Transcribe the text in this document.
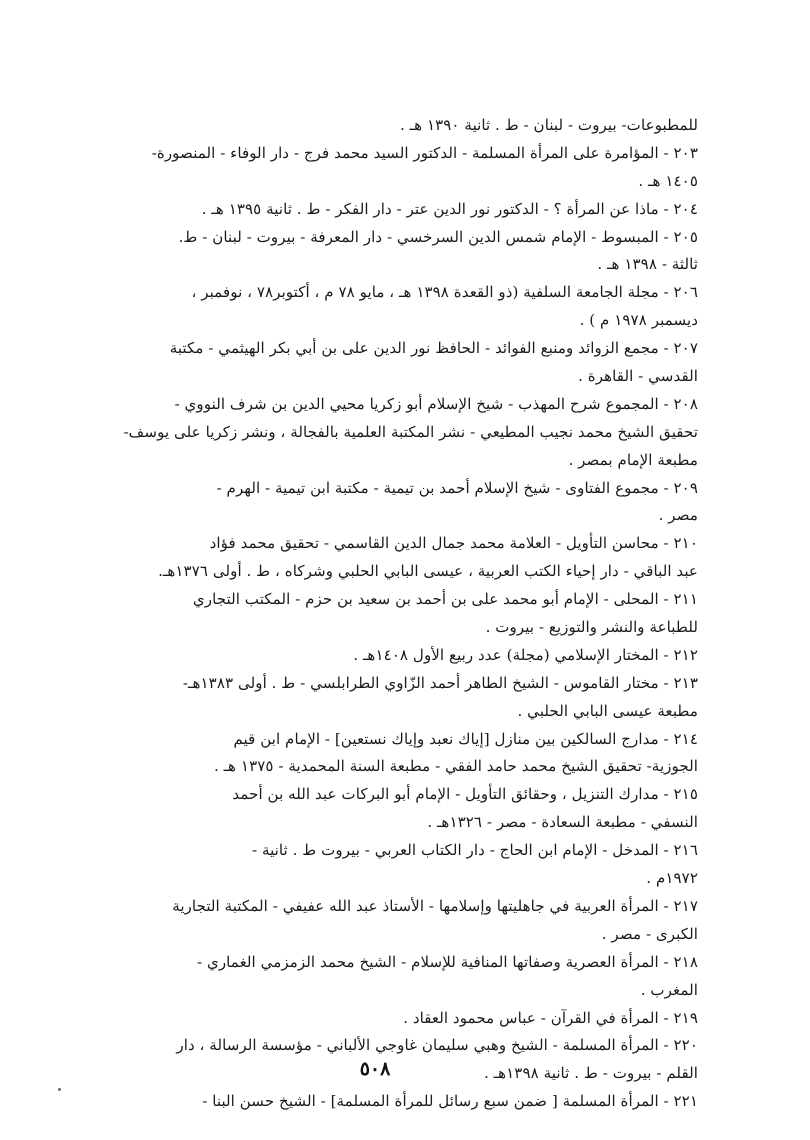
للمطبوعات- بيروت - لبنان - ط . ثانية ١٣٩٠ هـ .
٢٠٣ - المؤامرة على المرأة المسلمة - الدكتور السيد محمد فرج - دار الوفاء - المنصورة-
١٤٠٥ هـ .
٢٠٤ - ماذا عن المرأة ؟ - الدكتور نور الدين عتر - دار الفكر - ط . ثانية ١٣٩٥ هـ .
٢٠٥ - المبسوط - الإمام شمس الدين السرخسي - دار المعرفة - بيروت - لبنان - ط.
ثالثة - ١٣٩٨ هـ .
٢٠٦ - مجلة الجامعة السلفية (ذو القعدة ١٣٩٨ هـ ، مايو ٧٨ م ، أكتوبر٧٨ ، نوفمبر ،
ديسمبر ١٩٧٨ م ) .
٢٠٧ - مجمع الزوائد ومنبع الفوائد - الحافظ نور الدين على بن أبي بكر الهيثمي - مكتبة
القدسي - القاهرة .
٢٠٨ - المجموع شرح المهذب - شيخ الإسلام أبو زكريا محيي الدين بن شرف النووي -
تحقيق الشيخ محمد نجيب المطيعي - نشر المكتبة العلمية بالفجالة ، ونشر زكريا على يوسف-
مطبعة الإمام بمصر .
٢٠٩ - مجموع الفتاوى - شيخ الإسلام أحمد بن تيمية - مكتبة ابن تيمية - الهرم -
مصر .
٢١٠ - محاسن التأويل - العلامة محمد جمال الدين القاسمي - تحقيق محمد فؤاد
عبد الباقي - دار إحياء الكتب العربية ، عيسى البابي الحلبي وشركاه ، ط . أولى ١٣٧٦هـ.
٢١١ - المحلى - الإمام أبو محمد على بن أحمد بن سعيد بن حزم - المكتب التجاري
للطباعة والنشر والتوزيع - بيروت .
٢١٢ - المختار الإسلامي (مجلة) عدد ربيع الأول ١٤٠٨هـ .
٢١٣ - مختار القاموس - الشيخ الطاهر أحمد الزّاوي الطرابلسي - ط . أولى ١٣٨٣هـ-
مطبعة عيسى البابي الحلبي .
٢١٤ - مدارج السالكين بين منازل [إياك نعبد وإياك نستعين] - الإمام ابن قيم
الجوزية- تحقيق الشيخ محمد حامد الفقي - مطبعة السنة المحمدية - ١٣٧٥ هـ .
٢١٥ - مدارك التنزيل ، وحقائق التأويل - الإمام أبو البركات عبد الله بن أحمد
النسفي - مطبعة السعادة - مصر - ١٣٢٦هـ .
٢١٦ - المدخل - الإمام ابن الحاج - دار الكتاب العربي - بيروت ط . ثانية -
١٩٧٢م .
٢١٧ - المرأة العربية في جاهليتها وإسلامها - الأستاذ عبد الله عفيفي - المكتبة التجارية
الكبرى - مصر .
٢١٨ - المرأة العصرية وصفاتها المنافية للإسلام - الشيخ محمد الزمزمي الغماري -
المغرب .
٢١٩ - المرأة في القرآن - عباس محمود العقاد .
٢٢٠ - المرأة المسلمة - الشيخ وهبي سليمان غاوجي الألباني - مؤسسة الرسالة ، دار
القلم - بيروت - ط . ثانية ١٣٩٨هـ .
٢٢١ - المرأة المسلمة [ ضمن سبع رسائل للمرأة المسلمة] - الشيخ حسن البنا -
٥٠٨
